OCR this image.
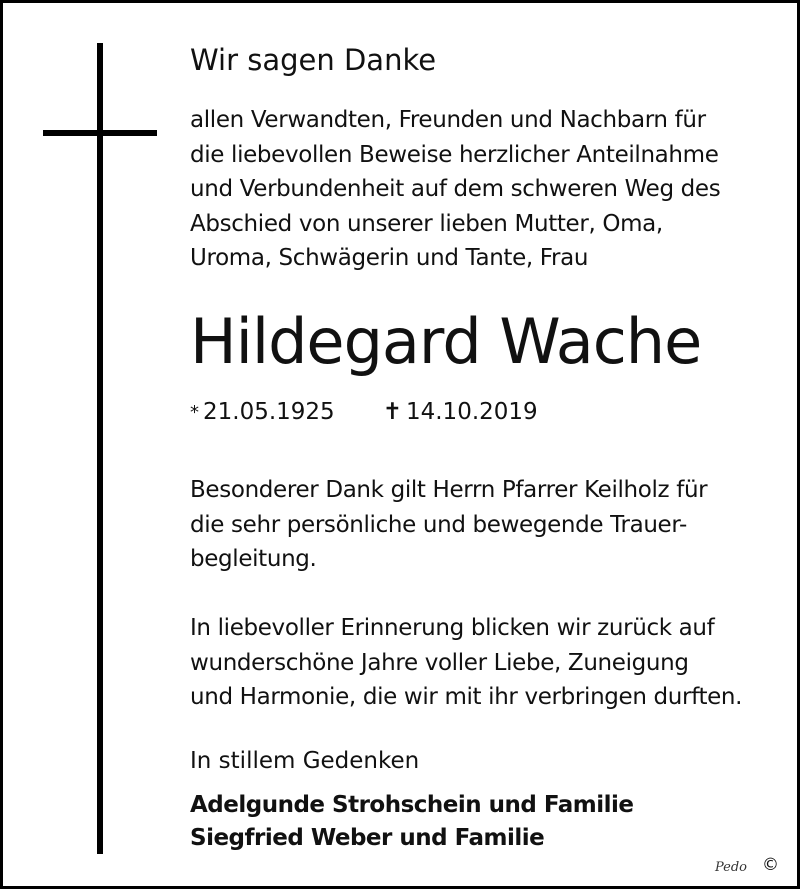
Wir sagen Danke

allen Verwandten, Freunden und Nachbarn für
die liebevollen Beweise herzlicher Anteilnahme
und Verbundenheit auf dem schweren Weg des
Abschied von unserer lieben Mutter, Oma,
Uroma, Schwägerin und Tante, Frau

Hildegard Wache
* 21.05.1925 ✝ 14.10.2019

Besonderer Dank gilt Herrn Pfarrer Keilholz für
die sehr persönliche und bewegende Trauer-
begleitung.

In liebevoller Erinnerung blicken wir zurück auf
wunderschöne Jahre voller Liebe, Zuneigung
und Harmonie, die wir mit ihr verbringen durften.

In stillem Gedenken
Adelgunde Strohschein und Familie
Siegfried Weber und Familie
Pedo ©
